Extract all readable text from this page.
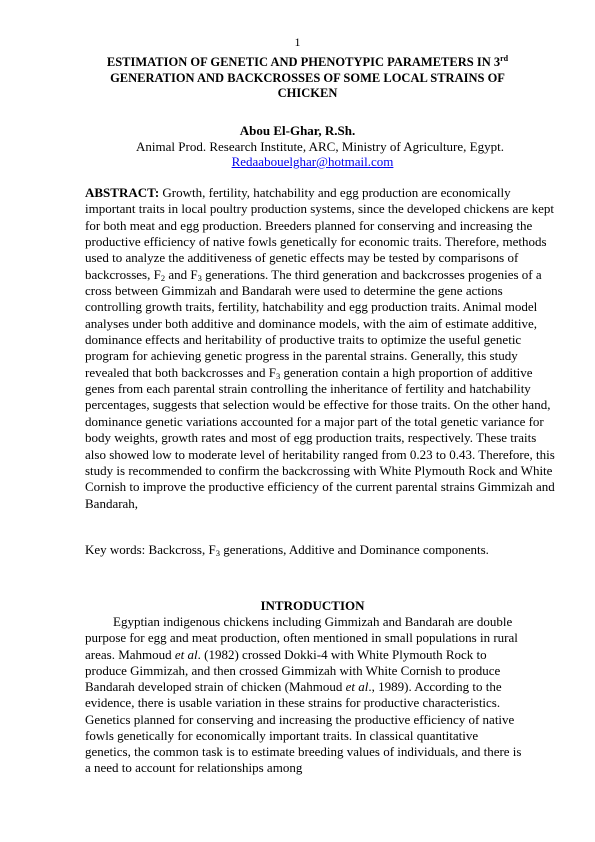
1
ESTIMATION OF GENETIC AND PHENOTYPIC PARAMETERS IN 3rd GENERATION AND BACKCROSSES OF SOME LOCAL STRAINS OF CHICKEN
Abou El-Ghar, R.Sh.
Animal Prod. Research Institute, ARC, Ministry of Agriculture, Egypt.
Redaabouelghar@hotmail.com
ABSTRACT: Growth, fertility, hatchability and egg production are economically important traits in local poultry production systems, since the developed chickens are kept for both meat and egg production. Breeders planned for conserving and increasing the productive efficiency of native fowls genetically for economic traits. Therefore, methods used to analyze the additiveness of genetic effects may be tested by comparisons of backcrosses, $F_2$ and $F_3$ generations. The third generation and backcrosses progenies of a cross between Gimmizah and Bandarah were used to determine the gene actions controlling growth traits, fertility, hatchability and egg production traits. Animal model analyses under both additive and dominance models, with the aim of estimate additive, dominance effects and heritability of productive traits to optimize the useful genetic program for achieving genetic progress in the parental strains. Generally, this study revealed that both backcrosses and $F_3$ generation contain a high proportion of additive genes from each parental strain controlling the inheritance of fertility and hatchability percentages, suggests that selection would be effective for those traits. On the other hand, dominance genetic variations accounted for a major part of the total genetic variance for body weights, growth rates and most of egg production traits, respectively. These traits also showed low to moderate level of heritability ranged from 0.23 to 0.43. Therefore, this study is recommended to confirm the backcrossing with White Plymouth Rock and White Cornish to improve the productive efficiency of the current parental strains Gimmizah and Bandarah,
Key words: Backcross, $F_3$ generations, Additive and Dominance components.
INTRODUCTION
Egyptian indigenous chickens including Gimmizah and Bandarah are double purpose for egg and meat production, often mentioned in small populations in rural areas. Mahmoud et al. (1982) crossed Dokki-4 with White Plymouth Rock to produce Gimmizah, and then crossed Gimmizah with White Cornish to produce Bandarah developed strain of chicken (Mahmoud et al., 1989). According to the evidence, there is usable variation in these strains for productive characteristics. Genetics planned for conserving and increasing the productive efficiency of native fowls genetically for economically important traits. In classical quantitative genetics, the common task is to estimate breeding values of individuals, and there is a need to account for relationships among
